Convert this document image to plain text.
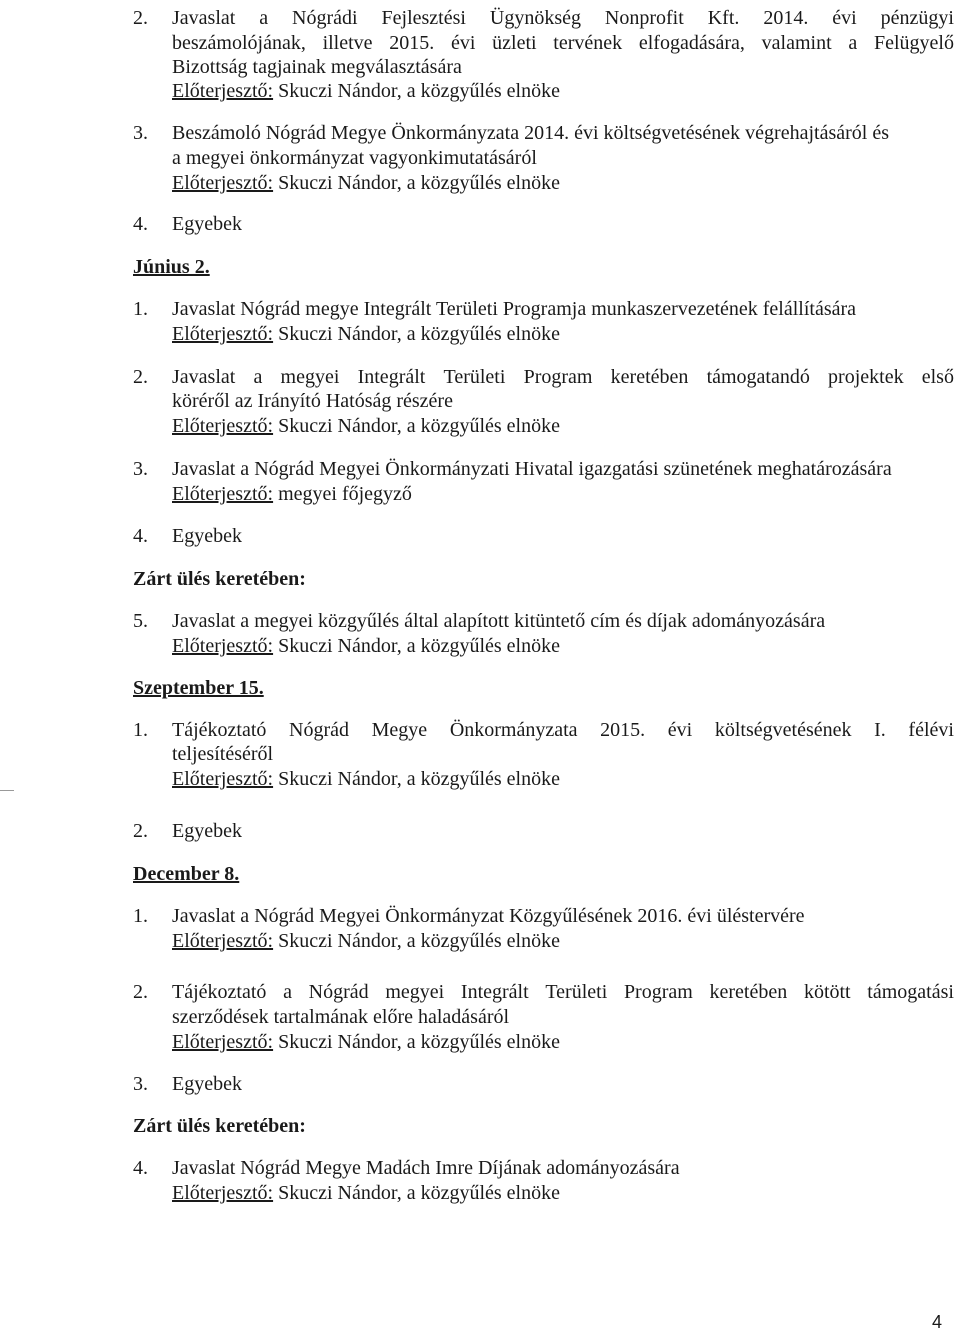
2. Javaslat a Nógrádi Fejlesztési Ügynökség Nonprofit Kft. 2014. évi pénzügyi
beszámolójának, illetve 2015. évi üzleti tervének elfogadására, valamint a Felügyelő
Bizottság tagjainak megválasztására
Előterjesztő: Skuczi Nándor, a közgyűlés elnöke
3. Beszámoló Nógrád Megye Önkormányzata 2014. évi költségvetésének végrehajtásáról és
a megyei önkormányzat vagyonkimutatásáról
Előterjesztő: Skuczi Nándor, a közgyűlés elnöke
4. Egyebek
Június 2.
1. Javaslat Nógrád megye Integrált Területi Programja munkaszervezetének felállítására
Előterjesztő: Skuczi Nándor, a közgyűlés elnöke
2. Javaslat a megyei Integrált Területi Program keretében támogatandó projektek első
köréről az Irányító Hatóság részére
Előterjesztő: Skuczi Nándor, a közgyűlés elnöke
3. Javaslat a Nógrád Megyei Önkormányzati Hivatal igazgatási szünetének meghatározására
Előterjesztő: megyei főjegyző
4. Egyebek
Zárt ülés keretében:
5. Javaslat a megyei közgyűlés által alapított kitüntető cím és díjak adományozására
Előterjesztő: Skuczi Nándor, a közgyűlés elnöke
Szeptember 15.
1. Tájékoztató Nógrád Megye Önkormányzata 2015. évi költségvetésének I. félévi
teljesítéséről
Előterjesztő: Skuczi Nándor, a közgyűlés elnöke
2. Egyebek
December 8.
1. Javaslat a Nógrád Megyei Önkormányzat Közgyűlésének 2016. évi üléstervére
Előterjesztő: Skuczi Nándor, a közgyűlés elnöke
2. Tájékoztató a Nógrád megyei Integrált Területi Program keretében kötött támogatási
szerződések tartalmának előre haladásáról
Előterjesztő: Skuczi Nándor, a közgyűlés elnöke
3. Egyebek
Zárt ülés keretében:
4. Javaslat Nógrád Megye Madách Imre Díjának adományozására
Előterjesztő: Skuczi Nándor, a közgyűlés elnöke
4
